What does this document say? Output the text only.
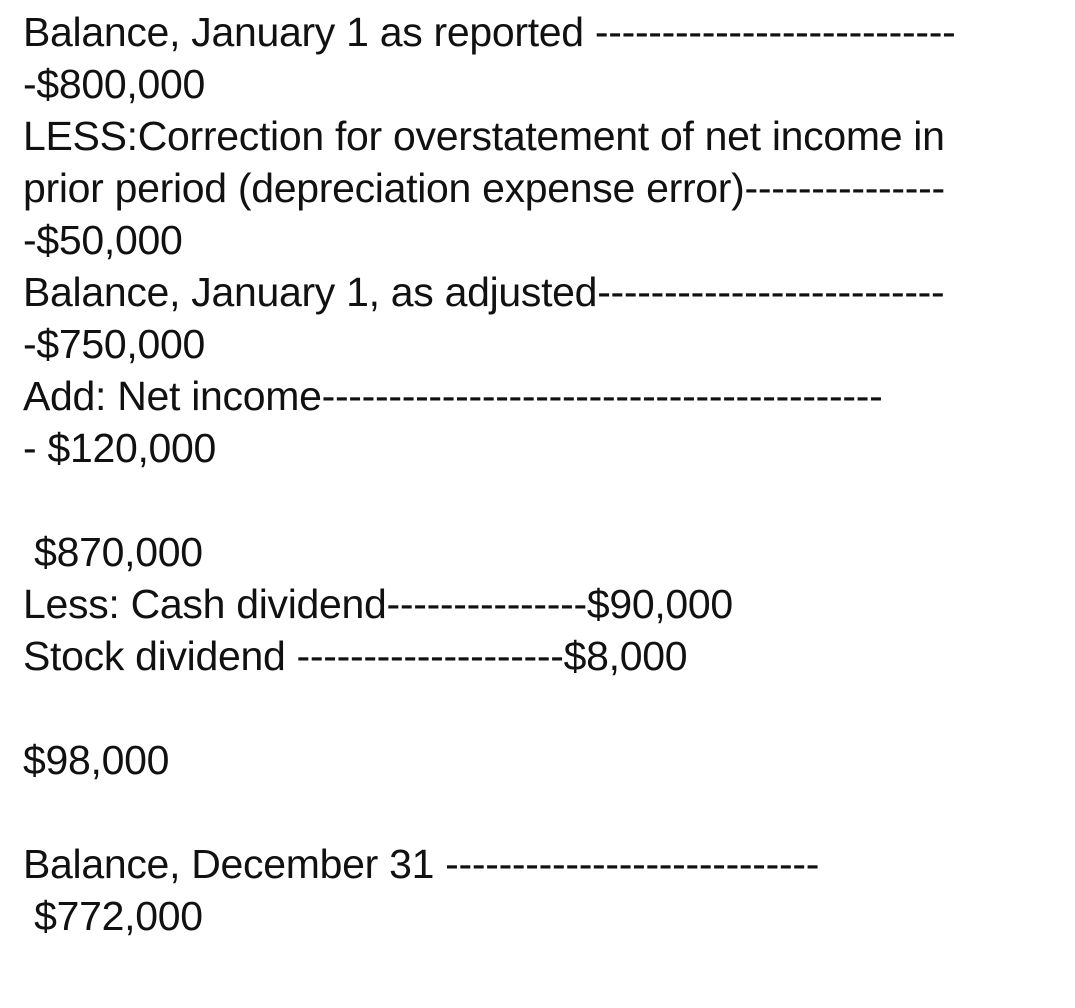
Balance, January 1 as reported ---------------------------
-$800,000
LESS:Correction for overstatement of net income in
prior period (depreciation expense error)---------------
-$50,000
Balance, January 1, as adjusted--------------------------
-$750,000
Add: Net income------------------------------------------
- $120,000
$870,000
Less: Cash dividend---------------$90,000
Stock dividend --------------------$8,000
$98,000
Balance, December 31 ----------------------------
$772,000
